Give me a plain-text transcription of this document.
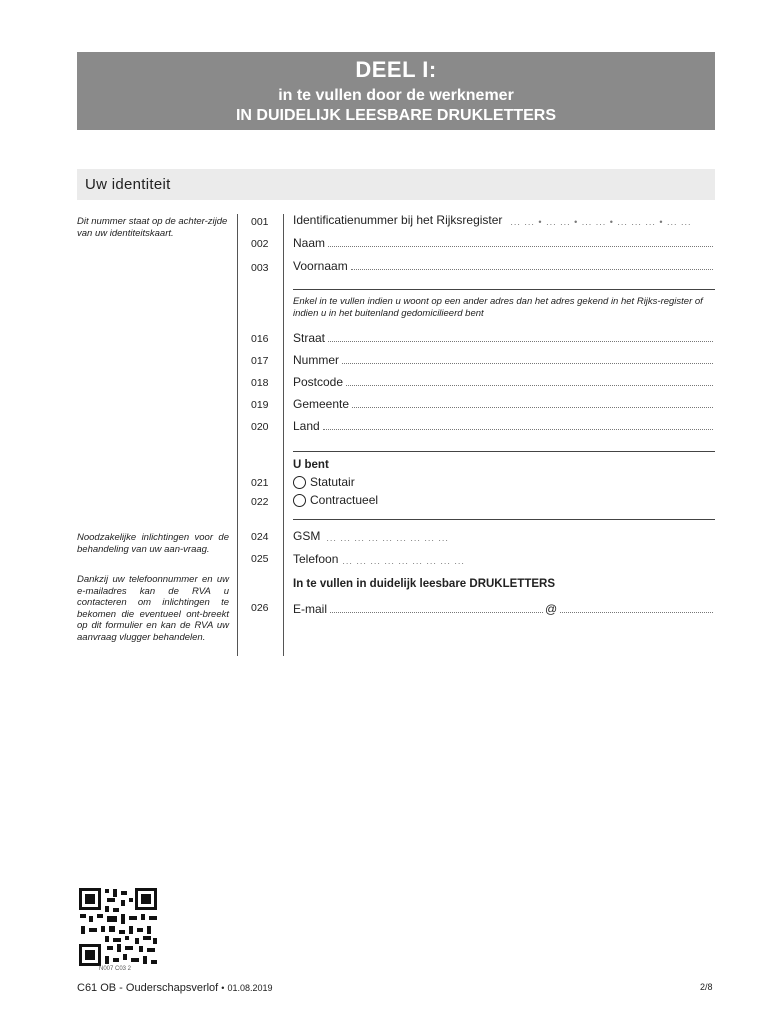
DEEL I:
in te vullen door de werknemer
IN DUIDELIJK LEESBARE DRUKLETTERS
Uw identiteit
Dit nummer staat op de achter-zijde van uw identiteitskaart.
Noodzakelijke inlichtingen voor de behandeling van uw aan-vraag.
Dankzij uw telefoonnummer en uw e-mailadres kan de RVA u contacteren om inlichtingen te bekomen die eventueel ont-breekt op dit formulier en kan de RVA uw aanvraag vlugger behandelen.
001 Identificatienummer bij het Rijksregister ... ... • ... ... • ... ... • ... ... ... • ... ...
002 Naam
003 Voornaam
Enkel in te vullen indien u woont op een ander adres dan het adres gekend in het Rijks-register of indien u in het buitenland gedomicilieerd bent
016 Straat
017 Nummer
018 Postcode
019 Gemeente
020 Land
U bent
021	Statutair
022	Contractueel
024 GSM ... ... ... ... ... ... ... ... ...
025 Telefoon ... ... ... ... ... ... ... ... ...
In te vullen in duidelijk leesbare DRUKLETTERS
026 E-mail	@
N007 C03 2
C61 OB - Ouderschapsverlof • 01.08.2019	2/8
